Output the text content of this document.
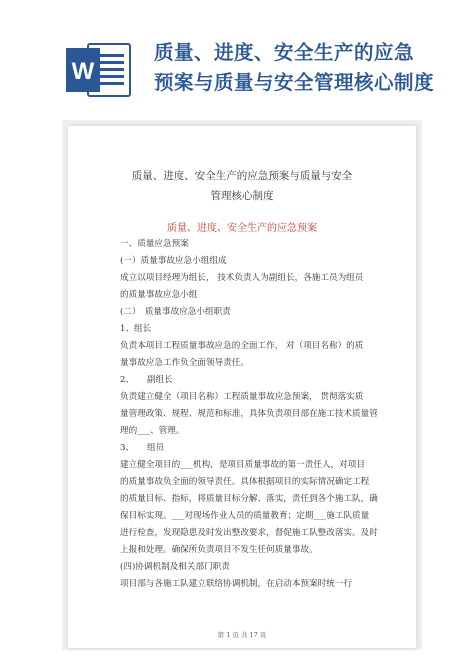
W
质量、进度、安全生产的应急
预案与质量与安全管理核心制度
质量、进度、安全生产的应急预案与质量与安全
管理核心制度
质量、进度、安全生产的应急预案
一、质量应急预案
(一）质量事故应急小组组成
成立以项目经理为组长， 技术负责人为副组长，各施工员为组员
的质量事故应急小组
(二）　质量事故应急小组职责
1、组长
负责本项目工程质量事故应急的全面工作， 对（项目名称）的质
量事故应急工作负全面领导责任。
2、　　副组长
负责建立健全（项目名称）工程质量事故应急预案， 贯彻落实质
量管理政策、规程、规范和标准，具体负责项目部在施工技术质量管
理的___、管理。
3、　　组员
建立健全项目的___机构，是项目质量事故的第一责任人，对项目
的质量事故负全面的领导责任。具体根据项目的实际情况确定工程
的质量目标、指标，将质量目标分解、落实，责任到各个施工队，确
保目标实现。___对现场作业人员的质量教育；定期___施工队质量
进行检查，发现隐患及时发出整改要求，督促施工队整改落实。及时
上报和处理。确保所负责项目不发生任何质量事故。
(四)协调机制及相关部门职责
项目部与各施工队建立联络协调机制，在启动本预案时统一行
第 1 页 共 17 页
